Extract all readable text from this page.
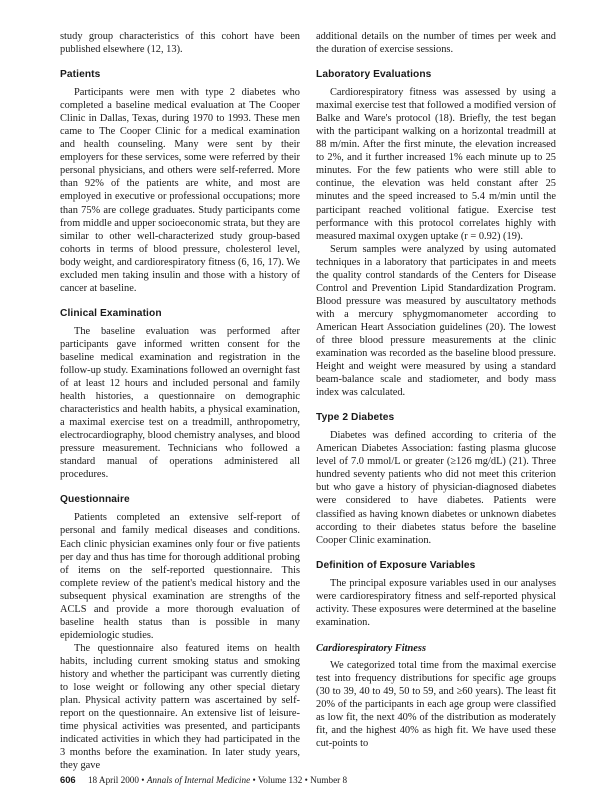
study group characteristics of this cohort have been published elsewhere (12, 13).

Patients

Participants were men with type 2 diabetes who completed a baseline medical evaluation at The Cooper Clinic in Dallas, Texas, during 1970 to 1993. These men came to The Cooper Clinic for a medical examination and health counseling. Many were sent by their employers for these services, some were referred by their personal physicians, and others were self-referred. More than 92% of the patients are white, and most are employed in executive or professional occupations; more than 75% are college graduates. Study participants come from middle and upper socioeconomic strata, but they are similar to other well-characterized study group-based cohorts in terms of blood pressure, cholesterol level, body weight, and cardiorespiratory fitness (6, 16, 17). We excluded men taking insulin and those with a history of cancer at baseline.

Clinical Examination

The baseline evaluation was performed after participants gave informed written consent for the baseline medical examination and registration in the follow-up study. Examinations followed an overnight fast of at least 12 hours and included personal and family health histories, a questionnaire on demographic characteristics and health habits, a physical examination, a maximal exercise test on a treadmill, anthropometry, electrocardiography, blood chemistry analyses, and blood pressure measurement. Technicians who followed a standard manual of operations administered all procedures.

Questionnaire

Patients completed an extensive self-report of personal and family medical diseases and conditions. Each clinic physician examines only four or five patients per day and thus has time for thorough additional probing of items on the self-reported questionnaire. This complete review of the patient's medical history and the subsequent physical examination are strengths of the ACLS and provide a more thorough evaluation of baseline health status than is possible in many epidemiologic studies.

The questionnaire also featured items on health habits, including current smoking status and smoking history and whether the participant was currently dieting to lose weight or following any other special dietary plan. Physical activity pattern was ascertained by self-report on the questionnaire. An extensive list of leisure-time physical activities was presented, and participants indicated activities in which they had participated in the 3 months before the examination. In later study years, they gave

additional details on the number of times per week and the duration of exercise sessions.

Laboratory Evaluations

Cardiorespiratory fitness was assessed by using a maximal exercise test that followed a modified version of Balke and Ware's protocol (18). Briefly, the test began with the participant walking on a horizontal treadmill at 88 m/min. After the first minute, the elevation increased to 2%, and it further increased 1% each minute up to 25 minutes. For the few patients who were still able to continue, the elevation was held constant after 25 minutes and the speed increased to 5.4 m/min until the participant reached volitional fatigue. Exercise test performance with this protocol correlates highly with measured maximal oxygen uptake (r = 0.92) (19).

Serum samples were analyzed by using automated techniques in a laboratory that participates in and meets the quality control standards of the Centers for Disease Control and Prevention Lipid Standardization Program. Blood pressure was measured by auscultatory methods with a mercury sphygmomanometer according to American Heart Association guidelines (20). The lowest of three blood pressure measurements at the clinic examination was recorded as the baseline blood pressure. Height and weight were measured by using a standard beam-balance scale and stadiometer, and body mass index was calculated.

Type 2 Diabetes

Diabetes was defined according to criteria of the American Diabetes Association: fasting plasma glucose level of 7.0 mmol/L or greater (≥126 mg/dL) (21). Three hundred seventy patients who did not meet this criterion but who gave a history of physician-diagnosed diabetes were considered to have diabetes. Patients were classified as having known diabetes or unknown diabetes according to their diabetes status before the baseline Cooper Clinic examination.

Definition of Exposure Variables

The principal exposure variables used in our analyses were cardiorespiratory fitness and self-reported physical activity. These exposures were determined at the baseline examination.

Cardiorespiratory Fitness

We categorized total time from the maximal exercise test into frequency distributions for specific age groups (30 to 39, 40 to 49, 50 to 59, and ≥60 years). The least fit 20% of the participants in each age group were classified as low fit, the next 40% of the distribution as moderately fit, and the highest 40% as high fit. We have used these cut-points to

606 18 April 2000 • Annals of Internal Medicine • Volume 132 • Number 8
